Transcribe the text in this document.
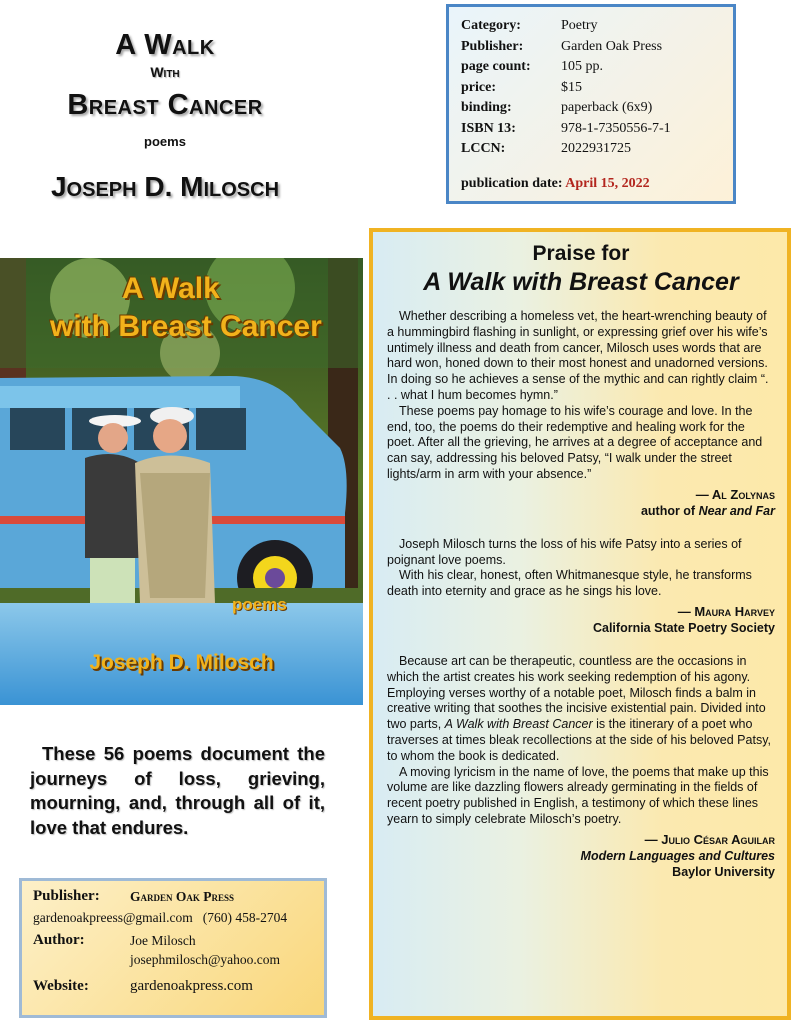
A Walk
With
Breast Cancer
poems
Joseph D. Milosch
Category :	Poetry
Publisher :	Garden Oak Press
page count : 105 pp.
price :	$15
binding :	paperback (6x9)
ISBN 13 :	978-1-7350556-7-1
LCCN :	2022931725
publication date: April 15, 2022
A Walk
with Breast Cancer
poems
Joseph D. Milosch
These 56 poems document the journeys of loss, grieving, mourning, and, through all of it, love that endures.
Publisher:	Garden Oak Press
gardenoakpreess@gmail.com (760) 458-2704
Author:	Joe Milosch
josephmilosch@yahoo.com
Website:	gardenoakpress.com
Praise for
A Walk with Breast Cancer

Whether describing a homeless vet, the heart-wrenching beauty of a hummingbird flashing in sunlight, or expressing grief over his wife’s untimely illness and death from cancer, Milosch uses words that are hard won, honed down to their most honest and unadorned versions. In doing so he achieves a sense of the mythic and can rightly claim “. . . what I hum becomes hymn.”

These poems pay homage to his wife’s courage and love. In the end, too, the poems do their redemptive and healing work for the poet. After all the grieving, he arrives at a degree of acceptance and can say, addressing his beloved Patsy, “I walk under the street lights/arm in arm with your absence.”

— Al Zolynas
author of Near and Far

Joseph Milosch turns the loss of his wife Patsy into a series of poignant love poems.

With his clear, honest, often Whitmanesque style, he transforms death into eternity and grace as he sings his love.

— Maura Harvey
California State Poetry Society

Because art can be therapeutic, countless are the occasions in which the artist creates his work seeking redemption of his agony. Employing verses worthy of a notable poet, Milosch finds a balm in creative writing that soothes the incisive existential pain. Divided into two parts, A Walk with Breast Cancer is the itinerary of a poet who traverses at times bleak recollections at the side of his beloved Patsy, to whom the book is dedicated.

A moving lyricism in the name of love, the poems that make up this volume are like dazzling flowers already germinating in the fields of recent poetry published in English, a testimony of which these lines yearn to simply celebrate Milosch’s poetry.

— Julio César Aguilar
Modern Languages and Cultures
Baylor University
